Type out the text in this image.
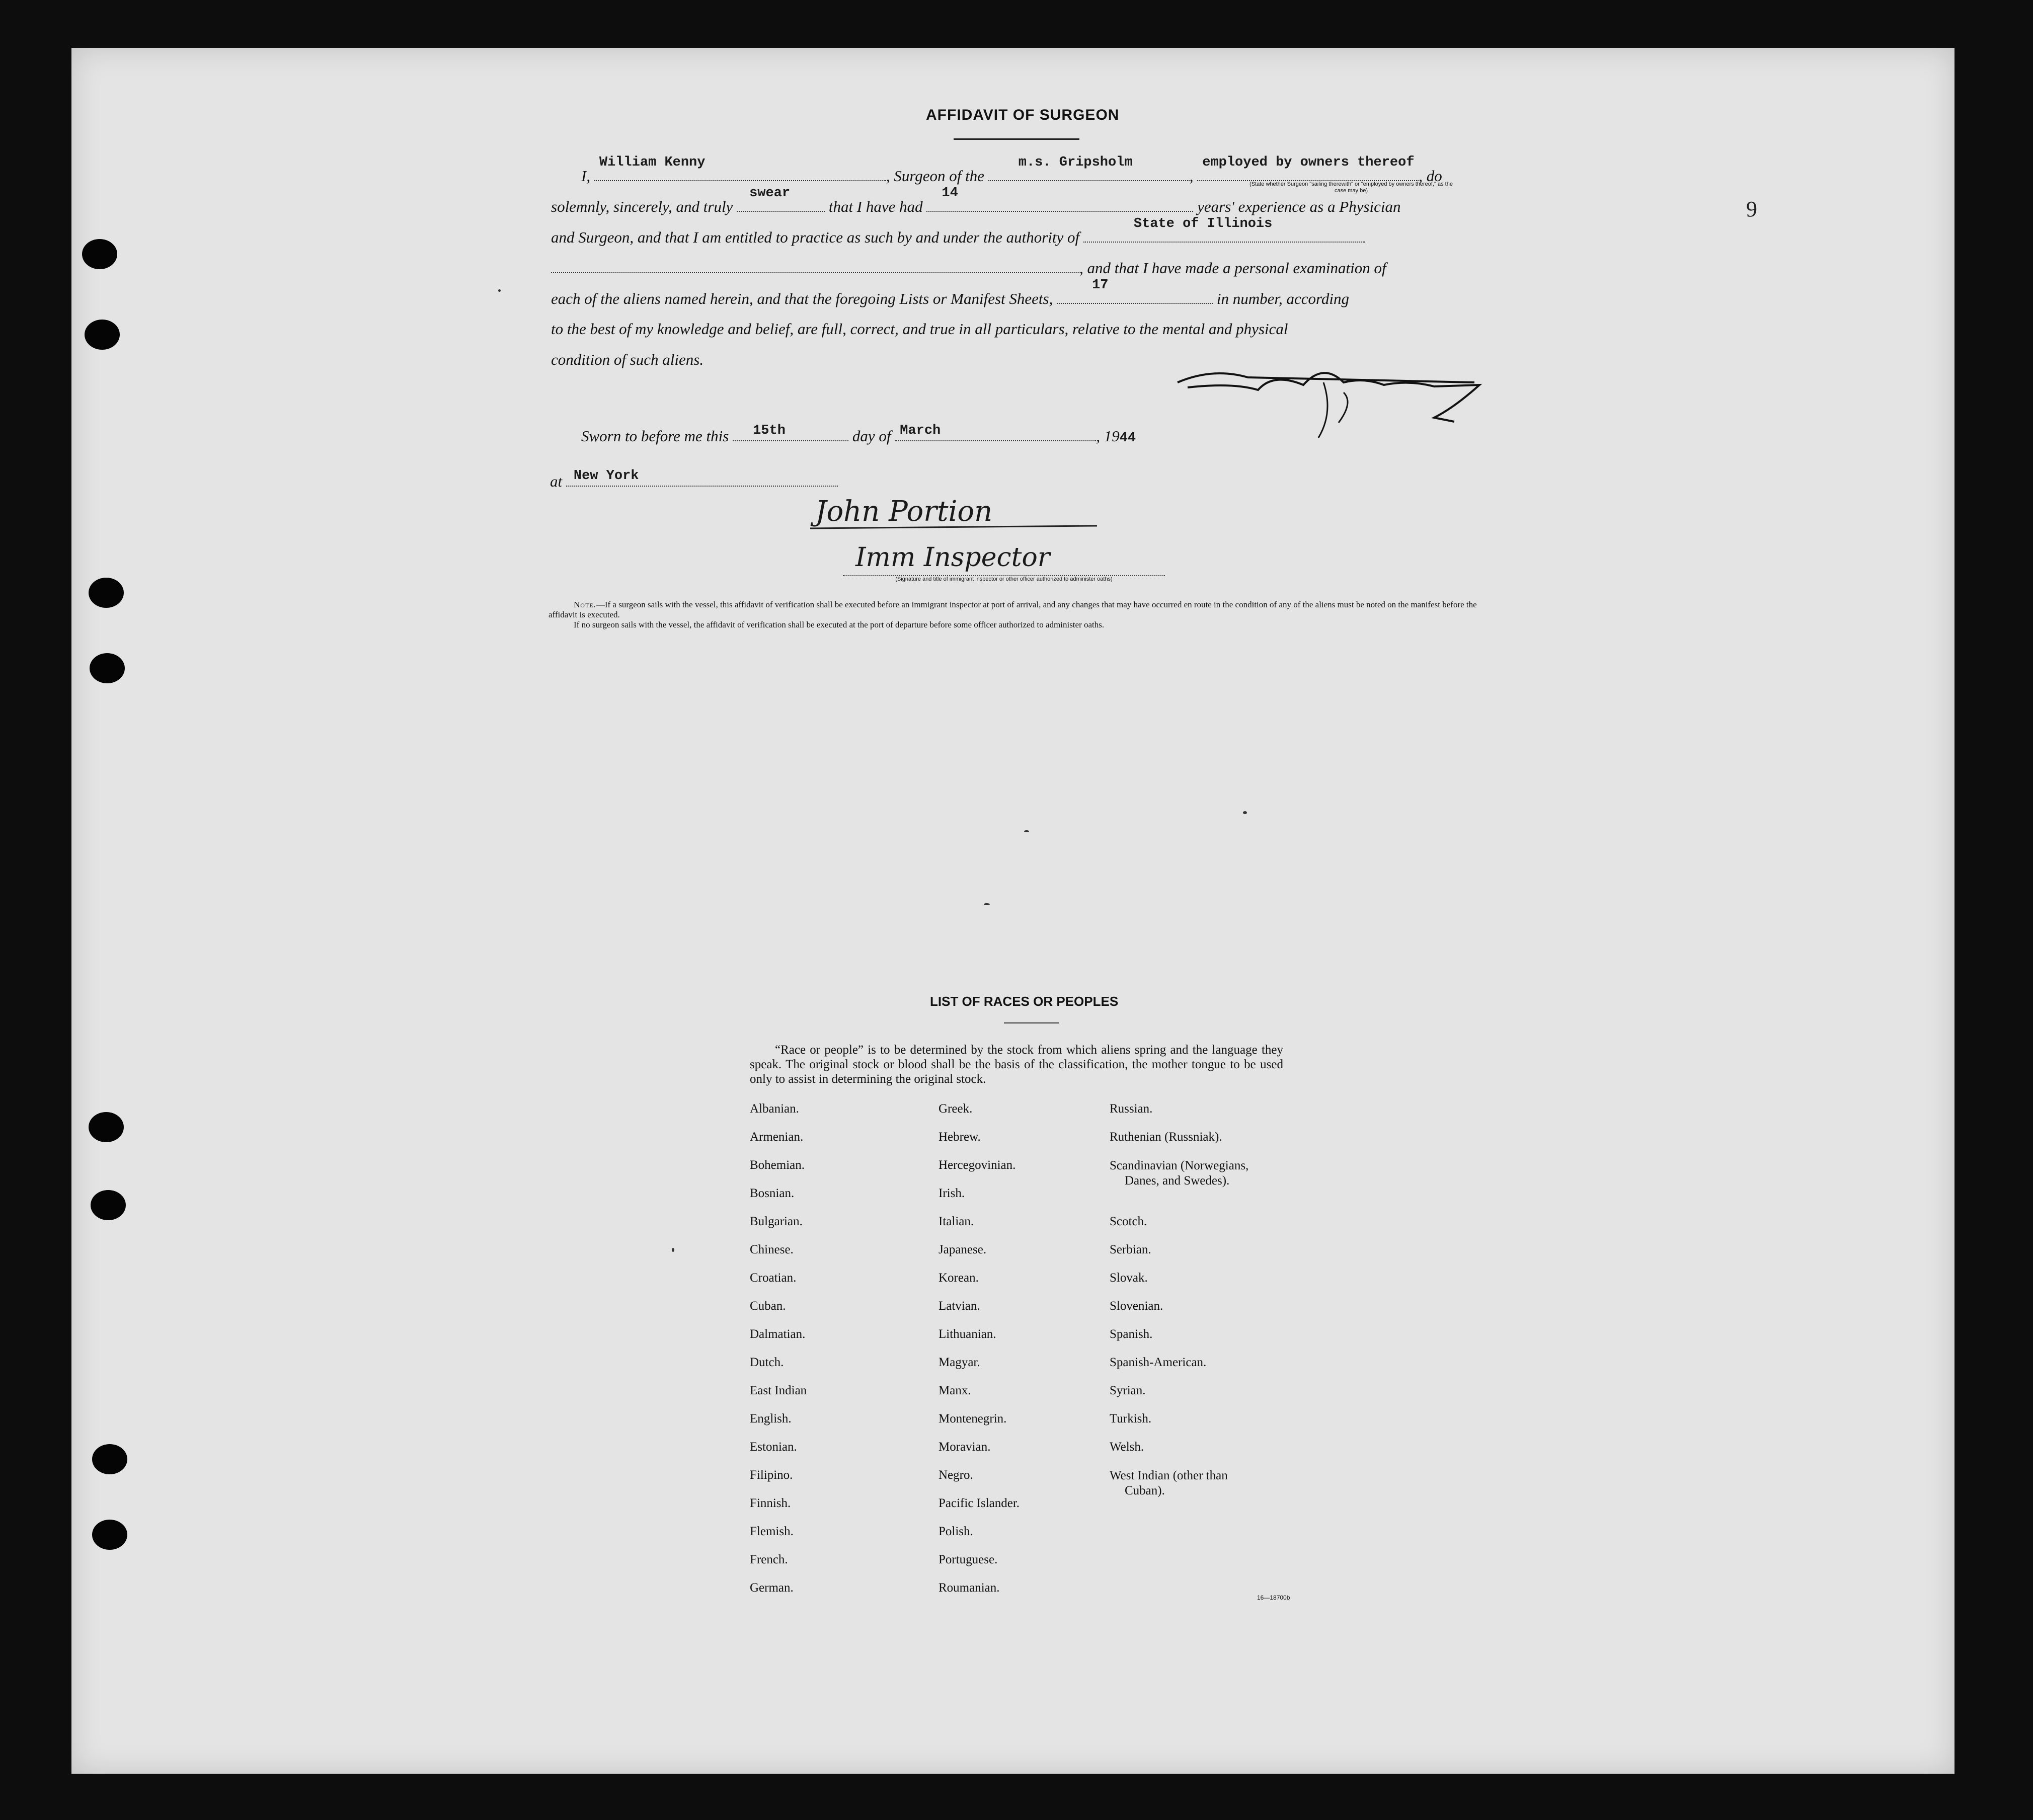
9
AFFIDAVIT OF SURGEON
I,
William Kenny
, Surgeon of the
m.s. Gripsholm
,
employed by owners thereof
, do
solemnly, sincerely, and truly
swear
that I have had
14
years' experience as a Physician
and Surgeon, and that I am entitled to practice as such by and under the authority of
State of Illinois
, and that I have made a personal examination of
each of the aliens named herein, and that the foregoing Lists or Manifest Sheets,
17
in number, according
to the best of my knowledge and belief, are full, correct, and true in all particulars, relative to the mental and physical
condition of such aliens.
(State whether Surgeon "sailing therewith" or "employed by owners thereof," as the case may be)
Sworn to before me this 15th	day of March	, 1944
at New York
John Portion
Imm Inspector
(Signature and title of immigrant inspector or other officer authorized to administer oaths)

Note.—If a surgeon sails with the vessel, this affidavit of verification shall be executed before an immigrant inspector at port of arrival, and any changes that may have occurred en route in the condition of any of the aliens must be noted on the manifest before the affidavit is executed.

If no surgeon sails with the vessel, the affidavit of verification shall be executed at the port of departure before some officer authorized to administer oaths.

LIST OF RACES OR PEOPLES
“Race or people” is to be determined by the stock from which aliens spring and the language they speak. The original stock or blood shall be the basis of the classification, the mother tongue to be used only to assist in determining the original stock.
Albanian.
Armenian.
Bohemian.
Bosnian.
Bulgarian.
Chinese.
Croatian.
Cuban.
Dalmatian.
Dutch.
East Indian
English.
Estonian.
Filipino.
Finnish.
Flemish.
French.
German.
Greek.
Hebrew.
Hercegovinian.
Irish.
Italian.
Japanese.
Korean.
Latvian.
Lithuanian.
Magyar.
Manx.
Montenegrin.
Moravian.
Negro.
Pacific Islander.
Polish.
Portuguese.
Roumanian.
Russian.
Ruthenian (Russniak).
Scandinavian (Norwegians,
Danes, and Swedes).
Scotch.
Serbian.
Slovak.
Slovenian.
Spanish.
Spanish-American.
Syrian.
Turkish.
Welsh.
West Indian (other than
Cuban).
16—18700b
